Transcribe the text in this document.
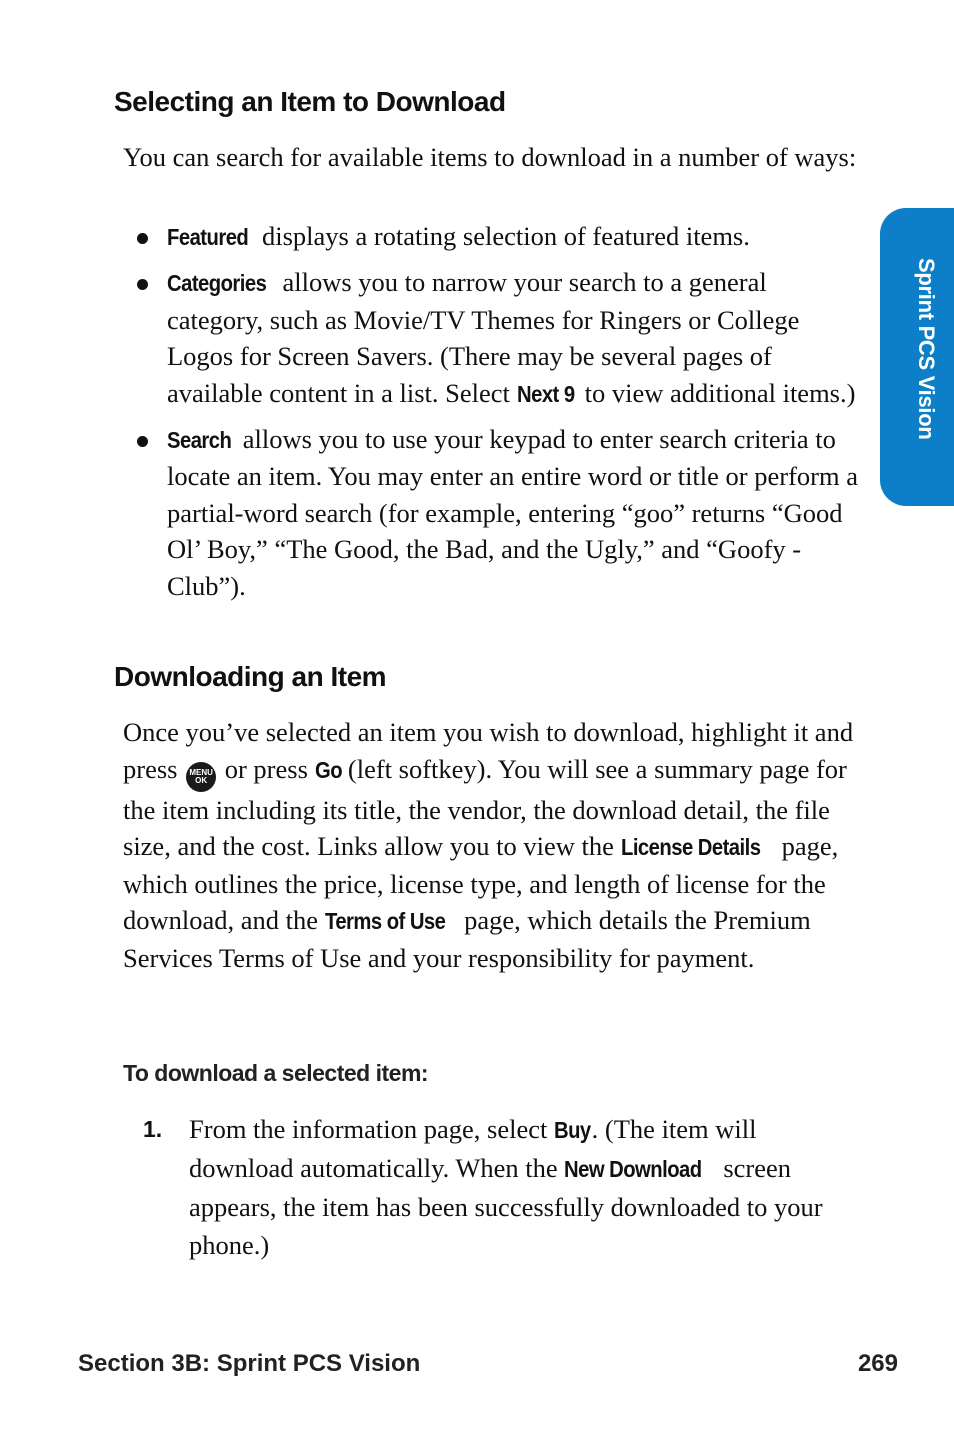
Sprint PCS Vision
Selecting an Item to Download

You can search for available items to download in a number of ways:

Featured displays a rotating selection of featured items.
Categories allows you to narrow your search to a general category, such as Movie/TV Themes for Ringers or College Logos for Screen Savers. (There may be several pages of available content in a list. Select Next 9 to view additional items.)
Search allows you to use your keypad to enter search criteria to locate an item. You may enter an entire word or title or perform a partial-word search (for example, entering “goo” returns “Good Ol’ Boy,” “The Good, the Bad, and the Ugly,” and “Goofy - Club”).
Downloading an Item

Once you’ve selected an item you wish to download, highlight it and press MENU
OK or press Go (left softkey). You will see a summary page for the item including its title, the vendor, the download detail, the file size, and the cost. Links allow you to view the License Details page, which outlines the price, license type, and length of license for the download, and the Terms of Use page, which details the Premium Services Terms of Use and your responsibility for payment.

To download a selected item:

1. From the information page, select Buy. (The item will download automatically. When the New Download screen appears, the item has been successfully downloaded to your phone.)
Section 3B: Sprint PCS Vision	269
